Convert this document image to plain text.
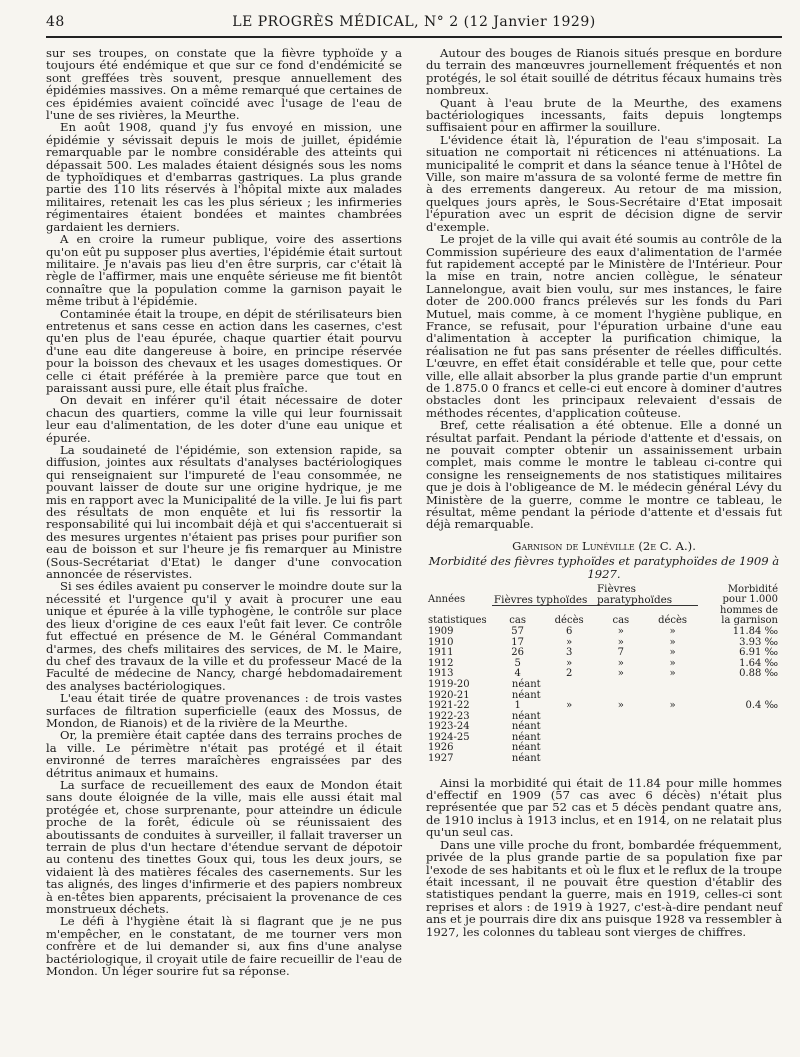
48	LE PROGRÈS MÉDICAL, N° 2 (12 Janvier 1929)

sur ses troupes, on constate que la fièvre typhoïde y a toujours été endémique et que sur ce fond d'endémicité se sont greffées très souvent, presque annuellement des épidémies massives. On a même remarqué que certaines de ces épidémies avaient coïncidé avec l'usage de l'eau de l'une de ses rivières, la Meurthe.

En août 1908, quand j'y fus envoyé en mission, une épidémie y sévissait depuis le mois de juillet, épidémie remarquable par le nombre considérable des atteints qui dépassait 500. Les malades étaient désignés sous les noms de typhoïdiques et d'embarras gastriques. La plus grande partie des 110 lits réservés à l'hôpital mixte aux malades militaires, retenait les cas les plus sérieux ; les infirmeries régimentaires étaient bondées et maintes chambrées gardaient les derniers.

A en croire la rumeur publique, voire des assertions qu'on eût pu supposer plus averties, l'épidémie était surtout militaire. Je n'avais pas lieu d'en être surpris, car c'était là règle de l'affirmer, mais une enquête sérieuse me fit bientôt connaître que la population comme la garnison payait le même tribut à l'épidémie.

Contaminée était la troupe, en dépit de stérilisateurs bien entretenus et sans cesse en action dans les casernes, c'est qu'en plus de l'eau épurée, chaque quartier était pourvu d'une eau dite dangereuse à boire, en principe réservée pour la boisson des chevaux et les usages domestiques. Or celle ci était préférée à la première parce que tout en paraissant aussi pure, elle était plus fraîche.

On devait en inférer qu'il était nécessaire de doter chacun des quartiers, comme la ville qui leur fournissait leur eau d'alimentation, de les doter d'une eau unique et épurée.

La soudaineté de l'épidémie, son extension rapide, sa diffusion, jointes aux résultats d'analyses bactériologiques qui renseignaient sur l'impureté de l'eau consommée, ne pouvant laisser de doute sur une origine hydrique, je me mis en rapport avec la Municipalité de la ville. Je lui fis part des résultats de mon enquête et lui fis ressortir la responsabilité qui lui incombait déjà et qui s'accentuerait si des mesures urgentes n'étaient pas prises pour purifier son eau de boisson et sur l'heure je fis remarquer au Ministre (Sous-Secrétariat d'Etat) le danger d'une convocation annoncée de réservistes.

Si ses édiles avaient pu conserver le moindre doute sur la nécessité et l'urgence qu'il y avait à procurer une eau unique et épurée à la ville typhogène, le contrôle sur place des lieux d'origine de ces eaux l'eût fait lever. Ce contrôle fut effectué en présence de M. le Général Commandant d'armes, des chefs militaires des services, de M. le Maire, du chef des travaux de la ville et du professeur Macé de la Faculté de médecine de Nancy, chargé hebdomadairement des analyses bactériologiques.

L'eau était tirée de quatre provenances : de trois vastes surfaces de filtration superficielle (eaux des Mossus, de Mondon, de Rianois) et de la rivière de la Meurthe.

Or, la première était captée dans des terrains proches de la ville. Le périmètre n'était pas protégé et il était environné de terres maraîchères engraissées par des détritus animaux et humains.

La surface de recueillement des eaux de Mondon était sans doute éloignée de la ville, mais elle aussi était mal protégée et, chose surprenante, pour atteindre un édicule proche de la forêt, édicule où se réunissaient des aboutissants de conduites à surveiller, il fallait traverser un terrain de plus d'un hectare d'étendue servant de dépotoir au contenu des tinettes Goux qui, tous les deux jours, se vidaient là des matières fécales des casernements. Sur les tas alignés, des linges d'infirmerie et des papiers nombreux à en-têtes bien apparents, précisaient la provenance de ces monstrueux déchets.

Le défi à l'hygiène était là si flagrant que je ne pus m'empêcher, en le constatant, de me tourner vers mon confrère et de lui demander si, aux fins d'une analyse bactériologique, il croyait utile de faire recueillir de l'eau de Mondon. Un léger sourire fut sa réponse.

Autour des bouges de Rianois situés presque en bordure du terrain des manœuvres journellement fréquentés et non protégés, le sol était souillé de détritus fécaux humains très nombreux.

Quant à l'eau brute de la Meurthe, des examens bactériologiques incessants, faits depuis longtemps suffisaient pour en affirmer la souillure.

L'évidence était là, l'épuration de l'eau s'imposait. La situation ne comportait ni réticences ni atténuations. La municipalité le comprit et dans la séance tenue à l'Hôtel de Ville, son maire m'assura de sa volonté ferme de mettre fin à des errements dangereux. Au retour de ma mission, quelques jours après, le Sous-Secrétaire d'Etat imposait l'épuration avec un esprit de décision digne de servir d'exemple.

Le projet de la ville qui avait été soumis au contrôle de la Commission supérieure des eaux d'alimentation de l'armée fut rapidement accepté par le Ministère de l'Intérieur. Pour la mise en train, notre ancien collègue, le sénateur Lannelongue, avait bien voulu, sur mes instances, le faire doter de 200.000 francs prélevés sur les fonds du Pari Mutuel, mais comme, à ce moment l'hygiène publique, en France, se refusait, pour l'épuration urbaine d'une eau d'alimentation à accepter la purification chimique, la réalisation ne fut pas sans présenter de réelles difficultés. L'œuvre, en effet était considérable et telle que, pour cette ville, elle allait absorber la plus grande partie d'un emprunt de 1.875.0 0 francs et celle-ci eut encore à dominer d'autres obstacles dont les principaux relevaient d'essais de méthodes récentes, d'application coûteuse.

Bref, cette réalisation a été obtenue. Elle a donné un résultat parfait. Pendant la période d'attente et d'essais, on ne pouvait compter obtenir un assainissement urbain complet, mais comme le montre le tableau ci-contre qui consigne les renseignements de nos statistiques militaires que je dois à l'obligeance de M. le médecin général Lévy du Ministère de la guerre, comme le montre ce tableau, le résultat, même pendant la période d'attente et d'essais fut déjà remarquable.

Garnison de Lunéville (2e C. A.).
Morbidité des fièvres typhoïdes et paratyphoïdes de 1909 à 1927.
Années	Fièvres typhoïdes		Fièvres paratyphoïdes		Morbidité
pour 1.000

statistiques	cas	décès	cas	décès	hommes de
la garnison

1909	57	6	»	»	11.84 ‰
1910	17	»	»	»	3.93 ‰
1911	26	3	7	»	6.91 ‰
1912	5	»	»	»	1.64 ‰
1913	4	2	»	»	0.88 ‰
1919-20	néant				
1920-21	néant				
1921-22	1	»	»	»	0.4 ‰
1922-23	néant				
1923-24	néant				
1924-25	néant				
1926	néant				
1927	néant				

Ainsi la morbidité qui était de 11.84 pour mille hommes d'effectif en 1909 (57 cas avec 6 décès) n'était plus représentée que par 52 cas et 5 décès pendant quatre ans, de 1910 inclus à 1913 inclus, et en 1914, on ne relatait plus qu'un seul cas.

Dans une ville proche du front, bombardée fréquemment, privée de la plus grande partie de sa population fixe par l'exode de ses habitants et où le flux et le reflux de la troupe était incessant, il ne pouvait être question d'établir des statistiques pendant la guerre, mais en 1919, celles-ci sont reprises et alors : de 1919 à 1927, c'est-à-dire pendant neuf ans et je pourrais dire dix ans puisque 1928 va ressembler à 1927, les colonnes du tableau sont vierges de chiffres.
